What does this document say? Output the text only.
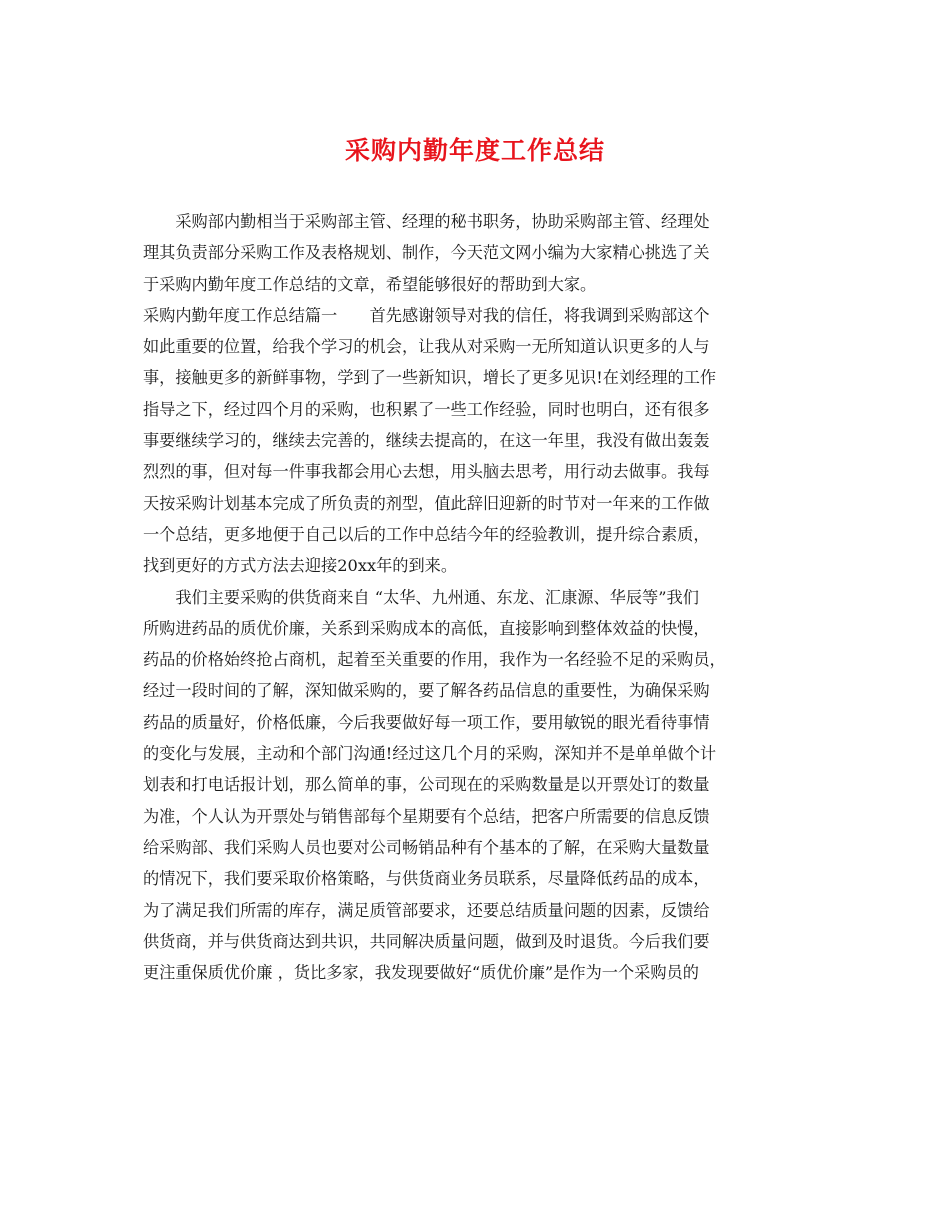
采购内勤年度工作总结
　　采购部内勤相当于采购部主管、经理的秘书职务，协助采购部主管、经理处
理其负责部分采购工作及表格规划、制作，今天范文网小编为大家精心挑选了关
于采购内勤年度工作总结的文章，希望能够很好的帮助到大家。
采购内勤年度工作总结篇一　　首先感谢领导对我的信任，将我调到采购部这个
如此重要的位置，给我个学习的机会，让我从对采购一无所知道认识更多的人与
事，接触更多的新鲜事物，学到了一些新知识，增长了更多见识!在刘经理的工作
指导之下，经过四个月的采购，也积累了一些工作经验，同时也明白，还有很多
事要继续学习的，继续去完善的，继续去提高的，在这一年里，我没有做出轰轰
烈烈的事，但对每一件事我都会用心去想，用头脑去思考，用行动去做事。我每
天按采购计划基本完成了所负责的剂型，值此辞旧迎新的时节对一年来的工作做
一个总结，更多地便于自己以后的工作中总结今年的经验教训，提升综合素质，
找到更好的方式方法去迎接20xx年的到来。
　　我们主要采购的供货商来自 “太华、九州通、东龙、汇康源、华辰等”我们
所购进药品的质优价廉，关系到采购成本的高低，直接影响到整体效益的快慢，
药品的价格始终抢占商机，起着至关重要的作用，我作为一名经验不足的采购员，
经过一段时间的了解，深知做采购的，要了解各药品信息的重要性，为确保采购
药品的质量好，价格低廉，今后我要做好每一项工作，要用敏锐的眼光看待事情
的变化与发展，主动和个部门沟通!经过这几个月的采购，深知并不是单单做个计
划表和打电话报计划，那么简单的事，公司现在的采购数量是以开票处订的数量
为准，个人认为开票处与销售部每个星期要有个总结，把客户所需要的信息反馈
给采购部、我们采购人员也要对公司畅销品种有个基本的了解，在采购大量数量
的情况下，我们要采取价格策略，与供货商业务员联系，尽量降低药品的成本，
为了满足我们所需的库存，满足质管部要求，还要总结质量问题的因素，反馈给
供货商，并与供货商达到共识，共同解决质量问题，做到及时退货。今后我们要
更注重保质优价廉 ，货比多家，我发现要做好“质优价廉”是作为一个采购员的
